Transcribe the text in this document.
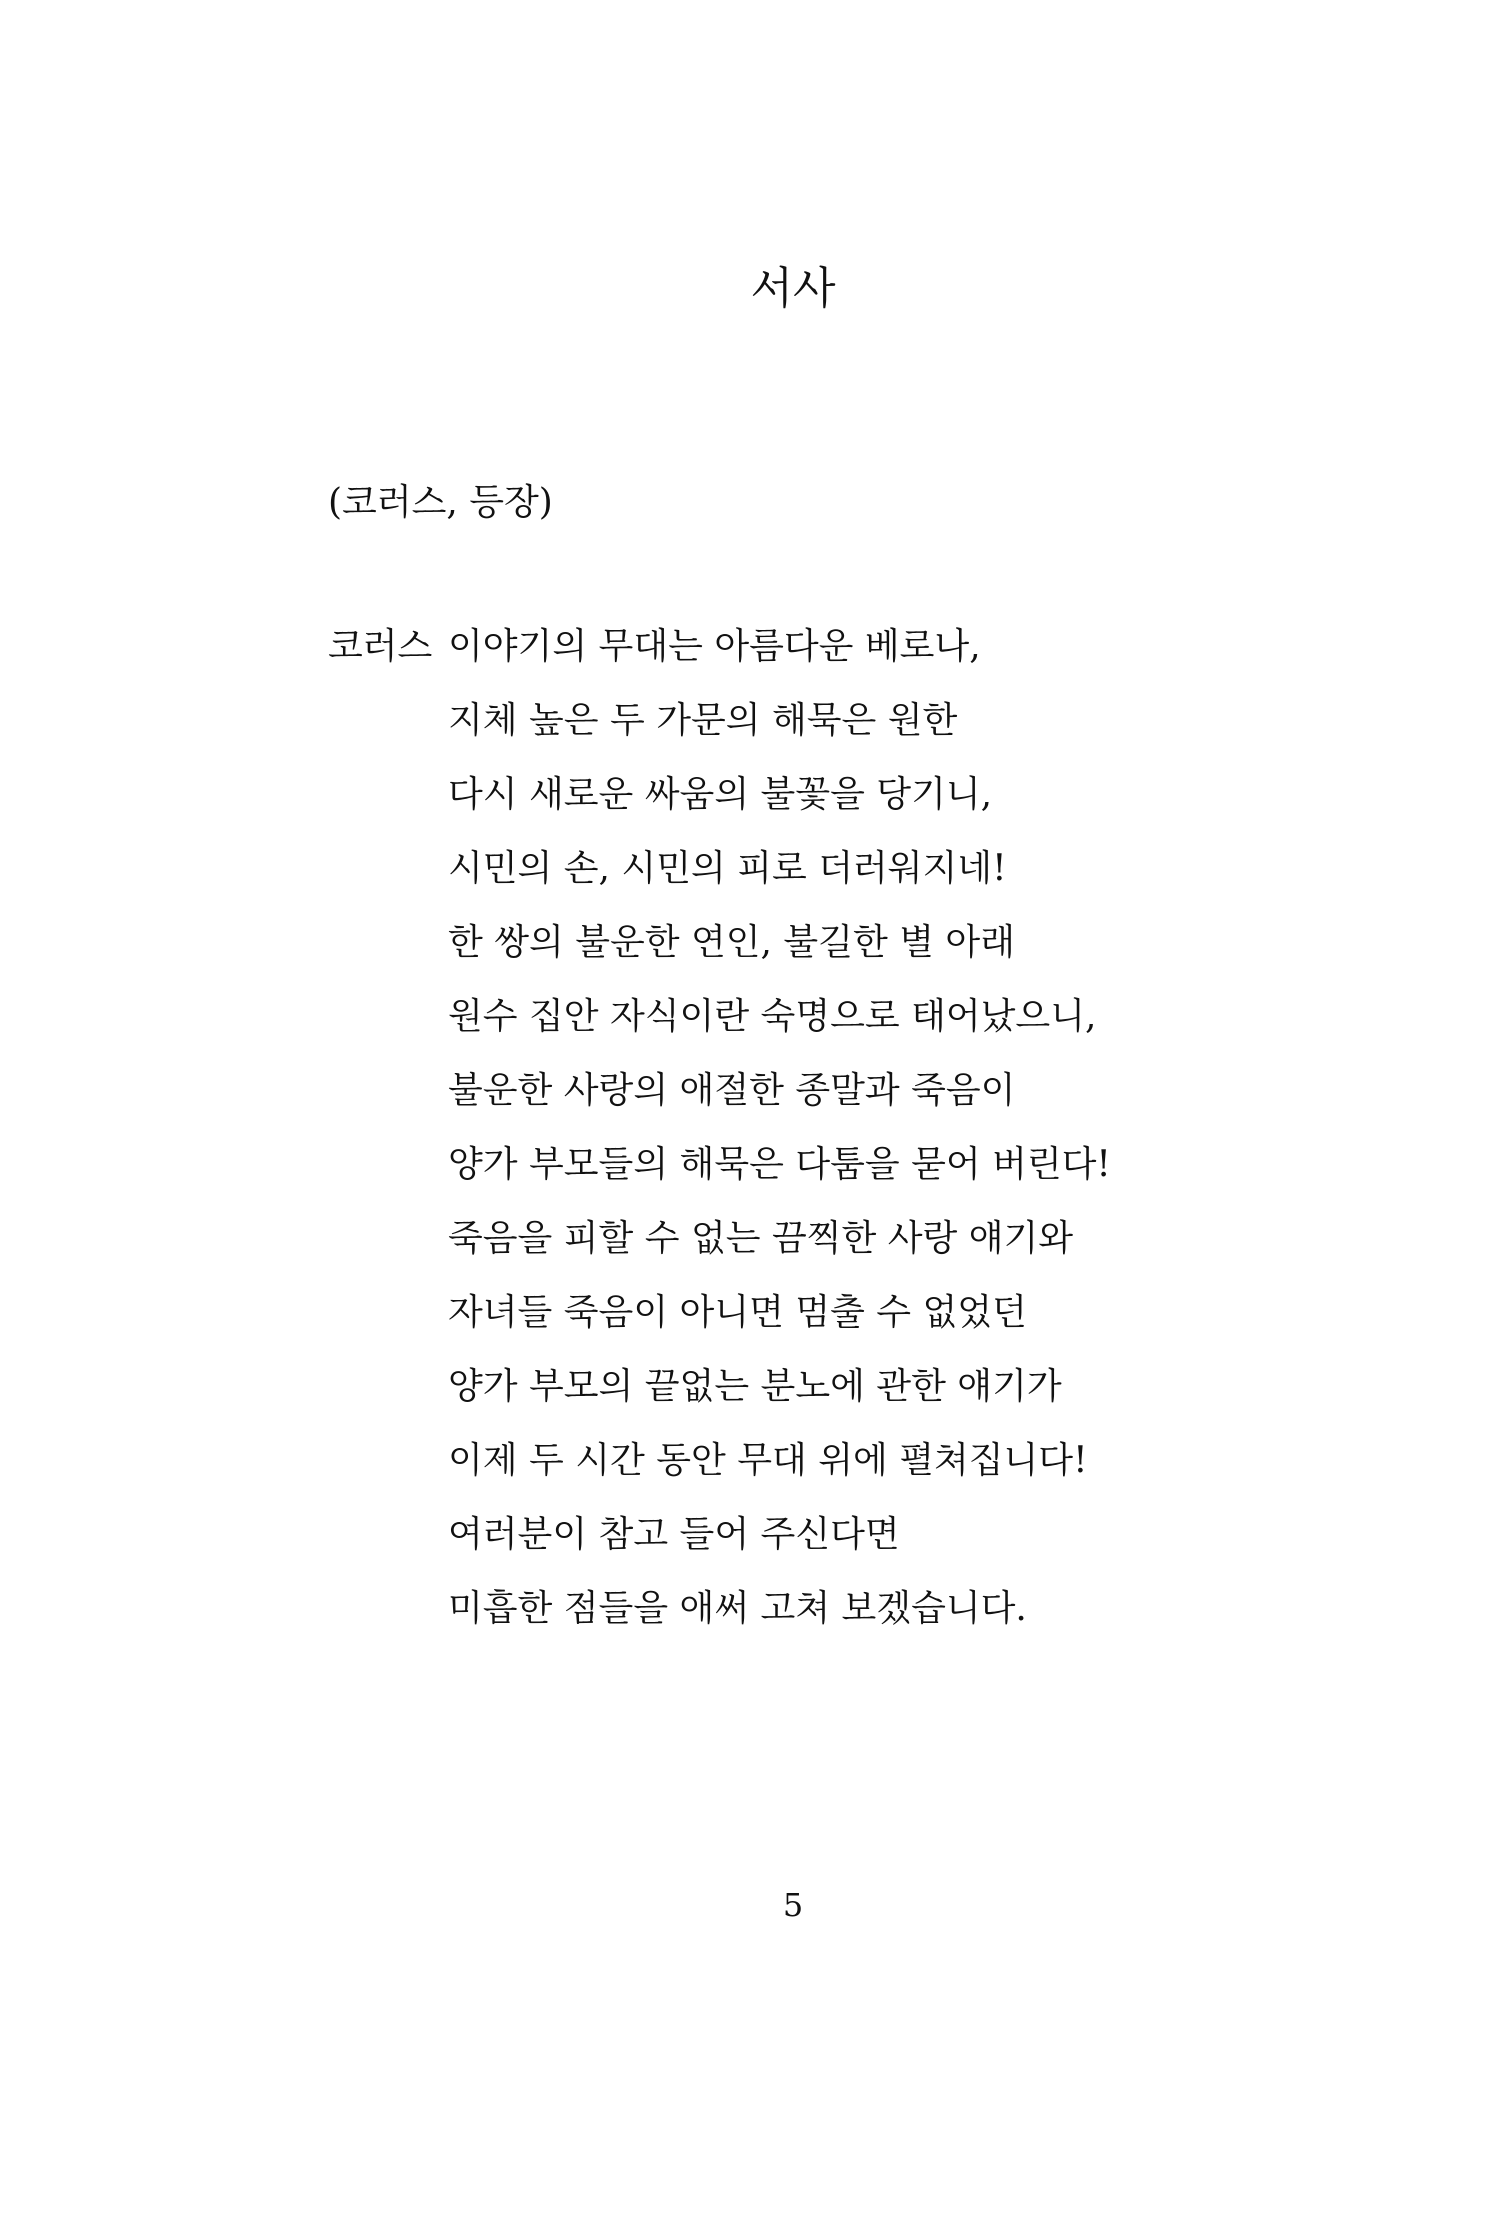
서사
(코러스, 등장)
코러스 이야기의 무대는 아름다운 베로나,
지체 높은 두 가문의 해묵은 원한
다시 새로운 싸움의 불꽃을 당기니,
시민의 손, 시민의 피로 더러워지네!
한 쌍의 불운한 연인, 불길한 별 아래
원수 집안 자식이란 숙명으로 태어났으니,
불운한 사랑의 애절한 종말과 죽음이
양가 부모들의 해묵은 다툼을 묻어 버린다!
죽음을 피할 수 없는 끔찍한 사랑 얘기와
자녀들 죽음이 아니면 멈출 수 없었던
양가 부모의 끝없는 분노에 관한 얘기가
이제 두 시간 동안 무대 위에 펼쳐집니다!
여러분이 참고 들어 주신다면
미흡한 점들을 애써 고쳐 보겠습니다.
5
